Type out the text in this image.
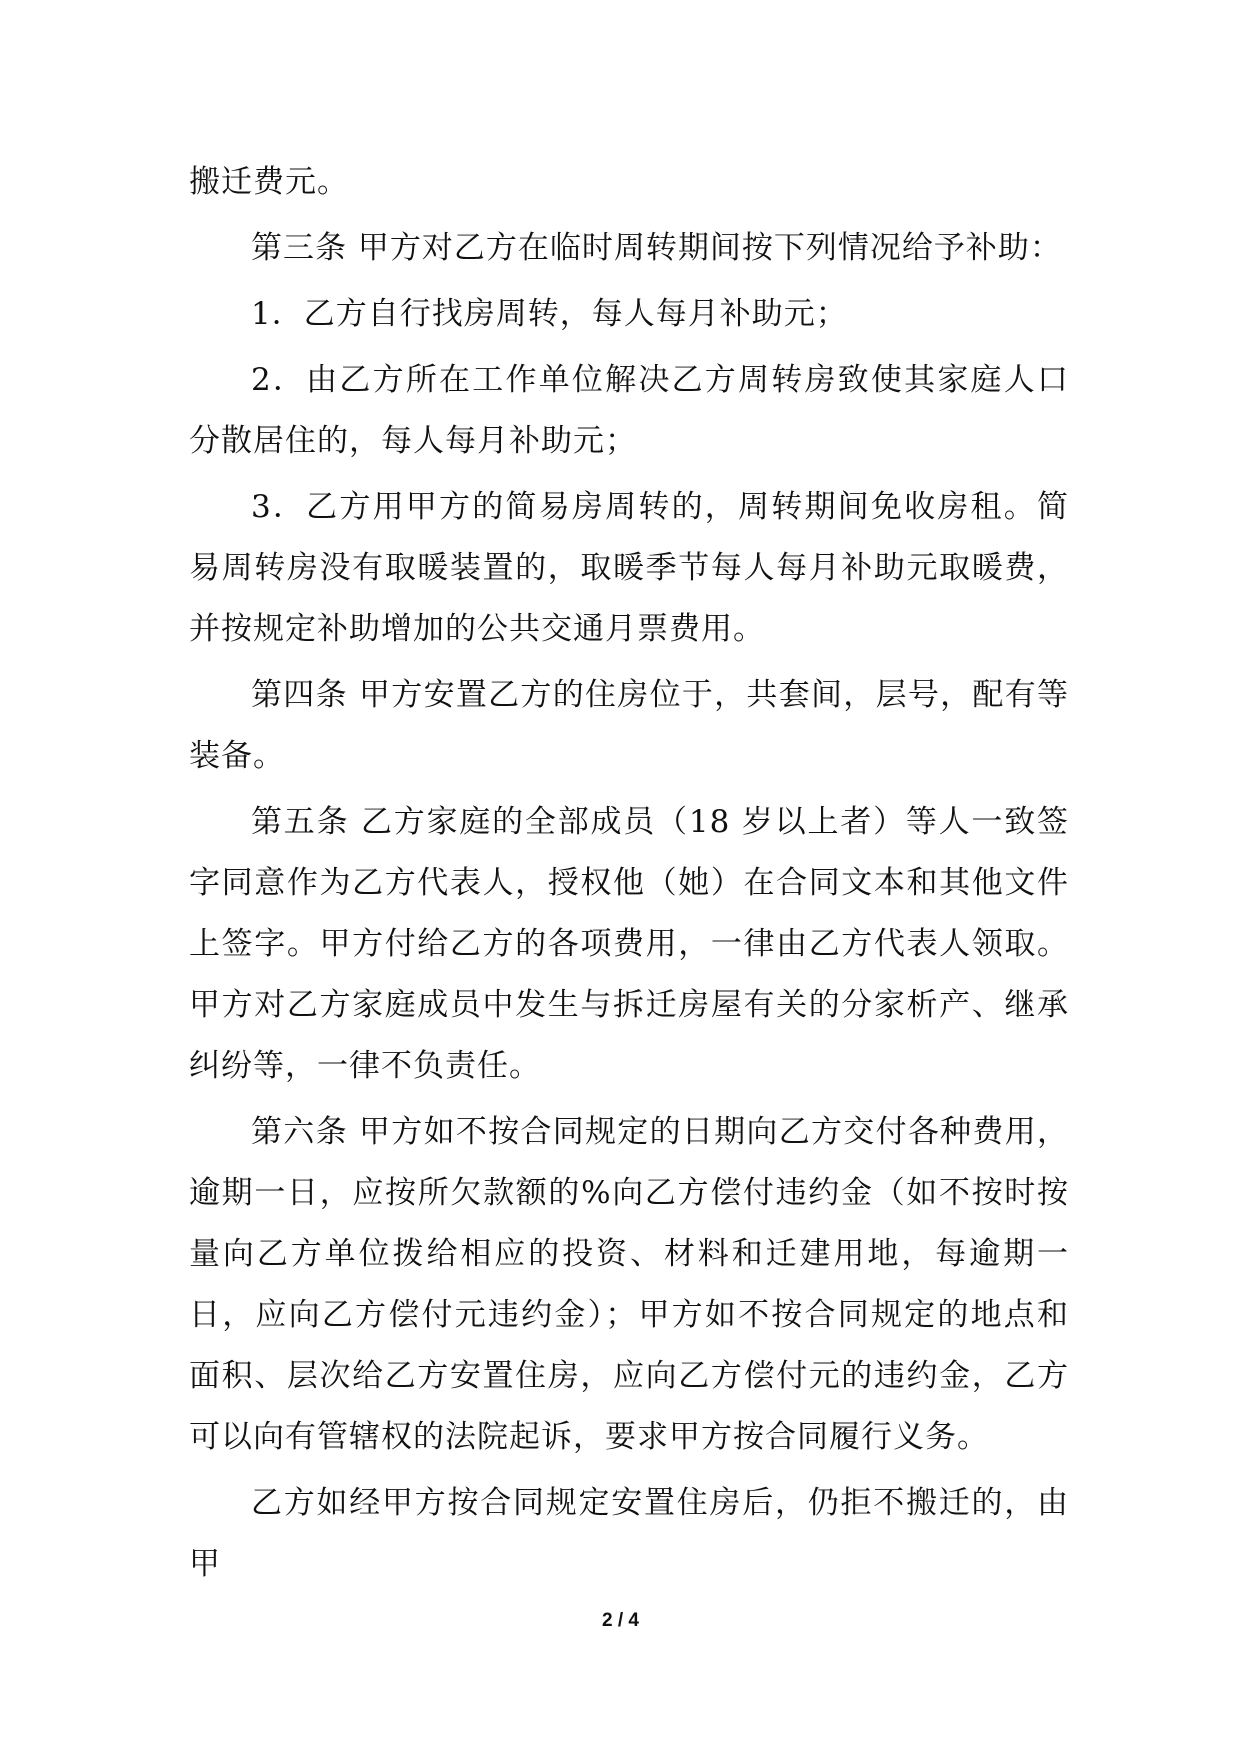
搬迁费元。

第三条 甲方对乙方在临时周转期间按下列情况给予补助：

1．乙方自行找房周转，每人每月补助元；

2．由乙方所在工作单位解决乙方周转房致使其家庭人口分散居住的，每人每月补助元；

3．乙方用甲方的简易房周转的，周转期间免收房租。简易周转房没有取暖装置的，取暖季节每人每月补助元取暖费，并按规定补助增加的公共交通月票费用。

第四条 甲方安置乙方的住房位于，共套间，层号，配有等装备。

第五条 乙方家庭的全部成员（18 岁以上者）等人一致签字同意作为乙方代表人，授权他（她）在合同文本和其他文件上签字。甲方付给乙方的各项费用，一律由乙方代表人领取。甲方对乙方家庭成员中发生与拆迁房屋有关的分家析产、继承纠纷等，一律不负责任。

第六条 甲方如不按合同规定的日期向乙方交付各种费用，逾期一日，应按所欠款额的%向乙方偿付违约金（如不按时按量向乙方单位拨给相应的投资、材料和迁建用地，每逾期一日，应向乙方偿付元违约金）；甲方如不按合同规定的地点和面积、层次给乙方安置住房，应向乙方偿付元的违约金，乙方可以向有管辖权的法院起诉，要求甲方按合同履行义务。

乙方如经甲方按合同规定安置住房后，仍拒不搬迁的，由甲

2 / 4
